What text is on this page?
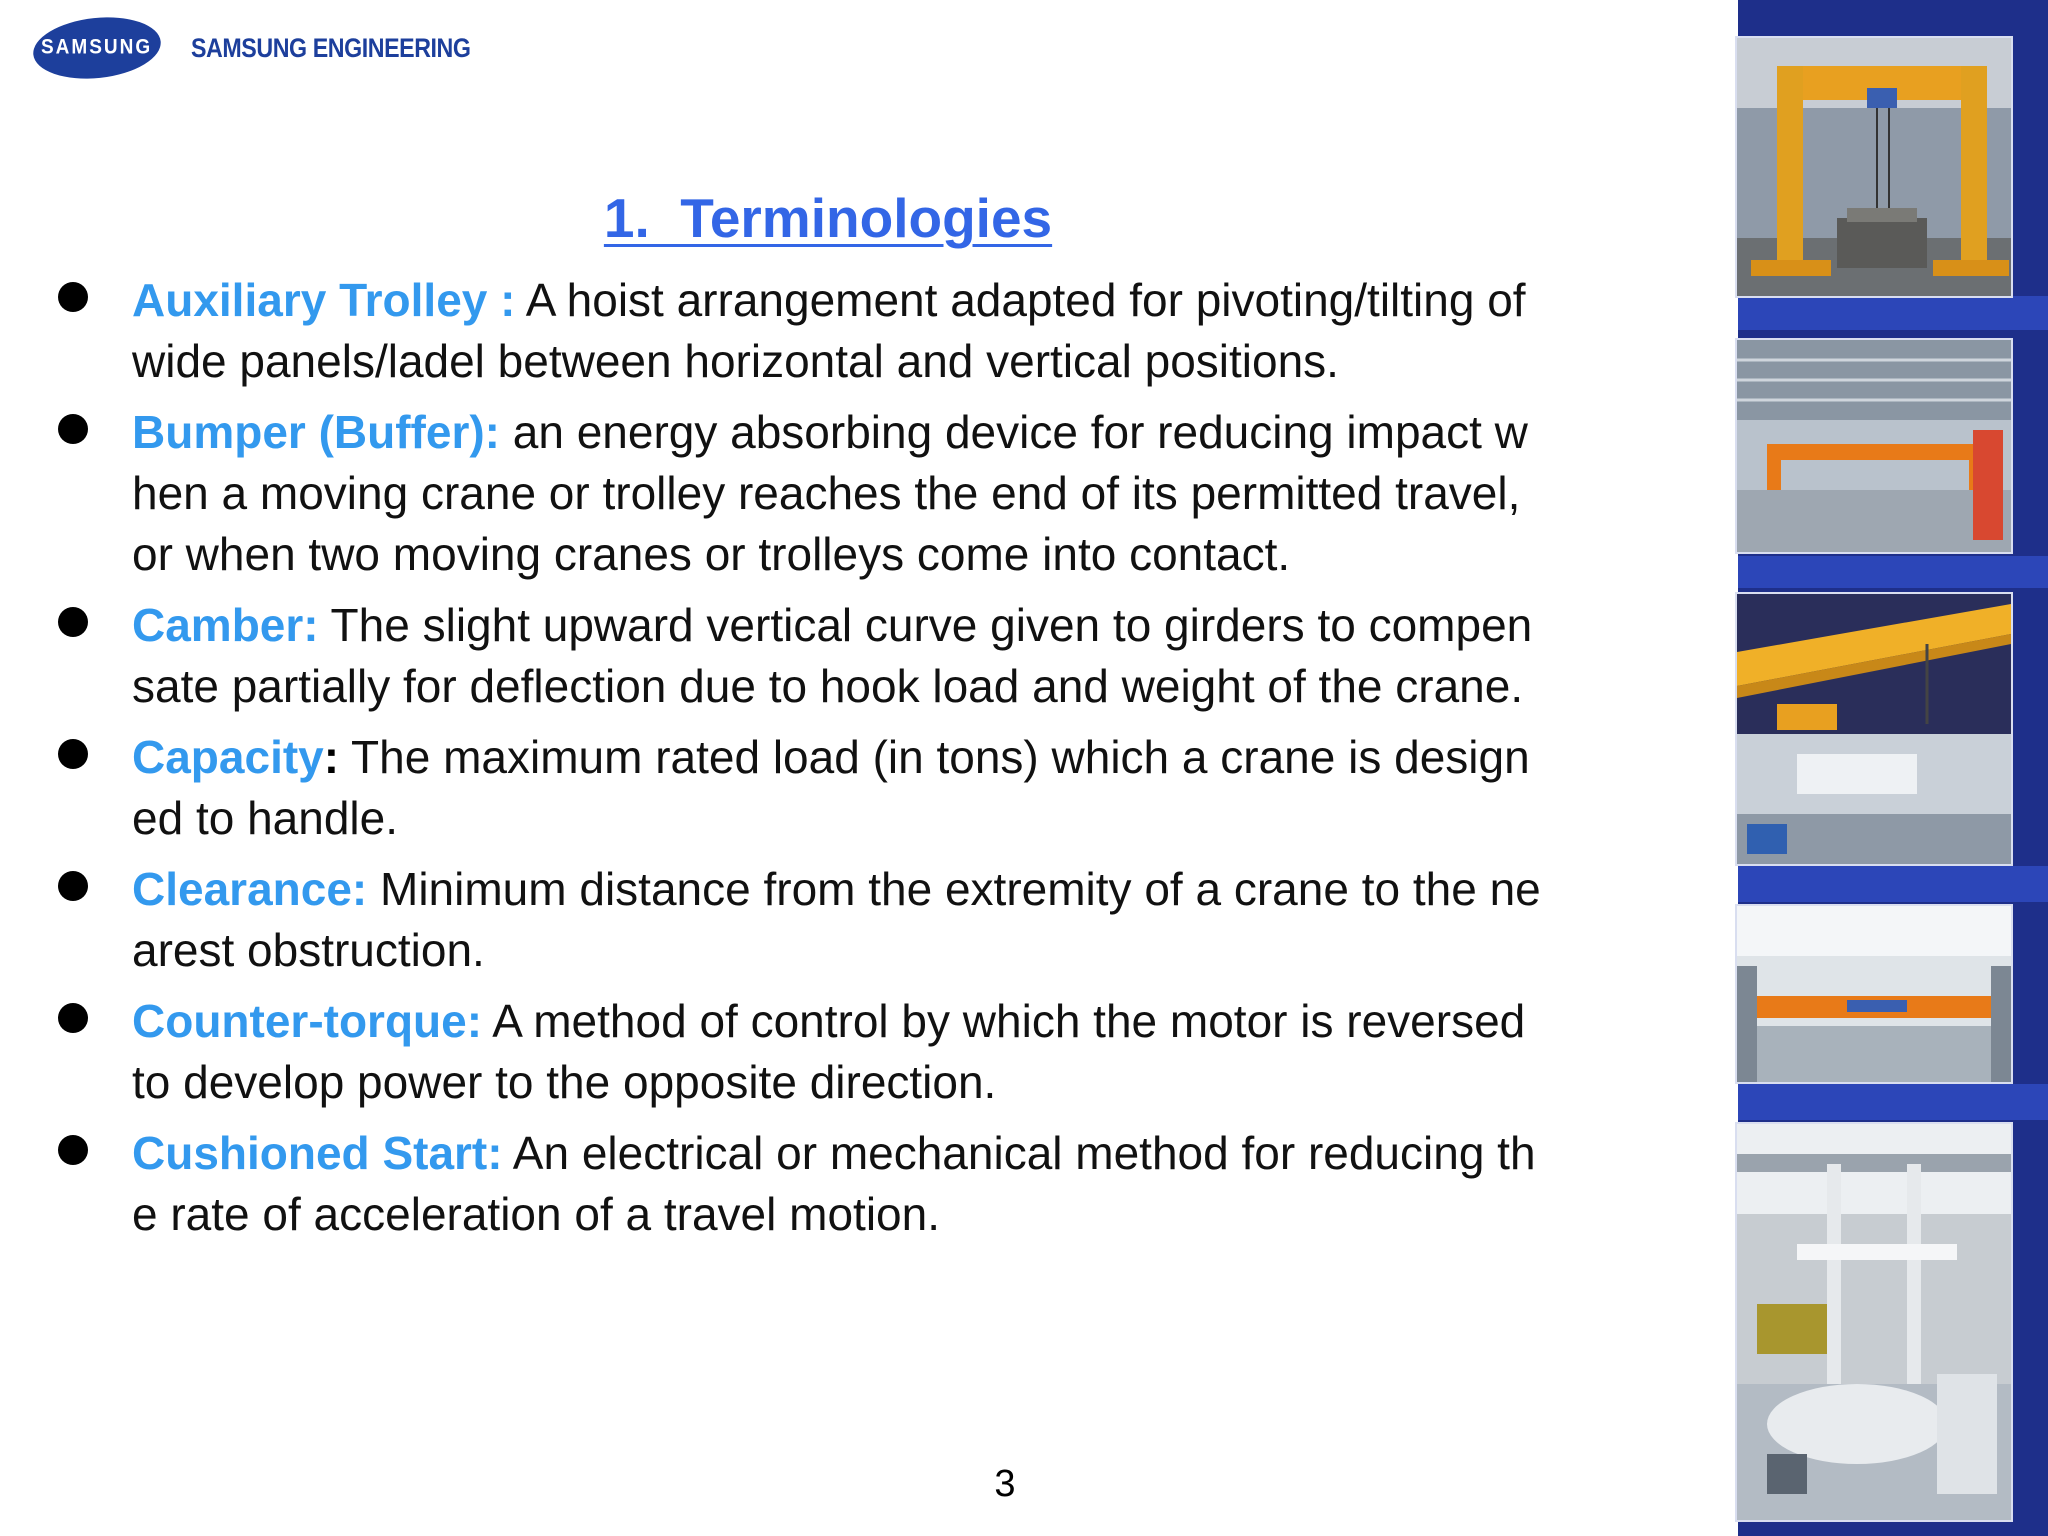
SAMSUNG SAMSUNG ENGINEERING
1.  Terminologies
Auxiliary Trolley : A hoist arrangement adapted for pivoting/tilting of
wide panels/ladel between horizontal and vertical positions.
Bumper (Buffer): an energy absorbing device for reducing impact w
hen a moving crane or trolley reaches the end of its permitted travel,
or when two moving cranes or trolleys come into contact.
Camber: The slight upward vertical curve given to girders to compen
sate partially for deflection due to hook load and weight of the crane.
Capacity: The maximum rated load (in tons) which a crane is design
ed to handle.
Clearance: Minimum distance from the extremity of a crane to the ne
arest obstruction.
Counter-torque: A method of control by which the motor is reversed
to develop power to the opposite direction.
Cushioned Start: An electrical or mechanical method for reducing th
e rate of acceleration of a travel motion.
3
